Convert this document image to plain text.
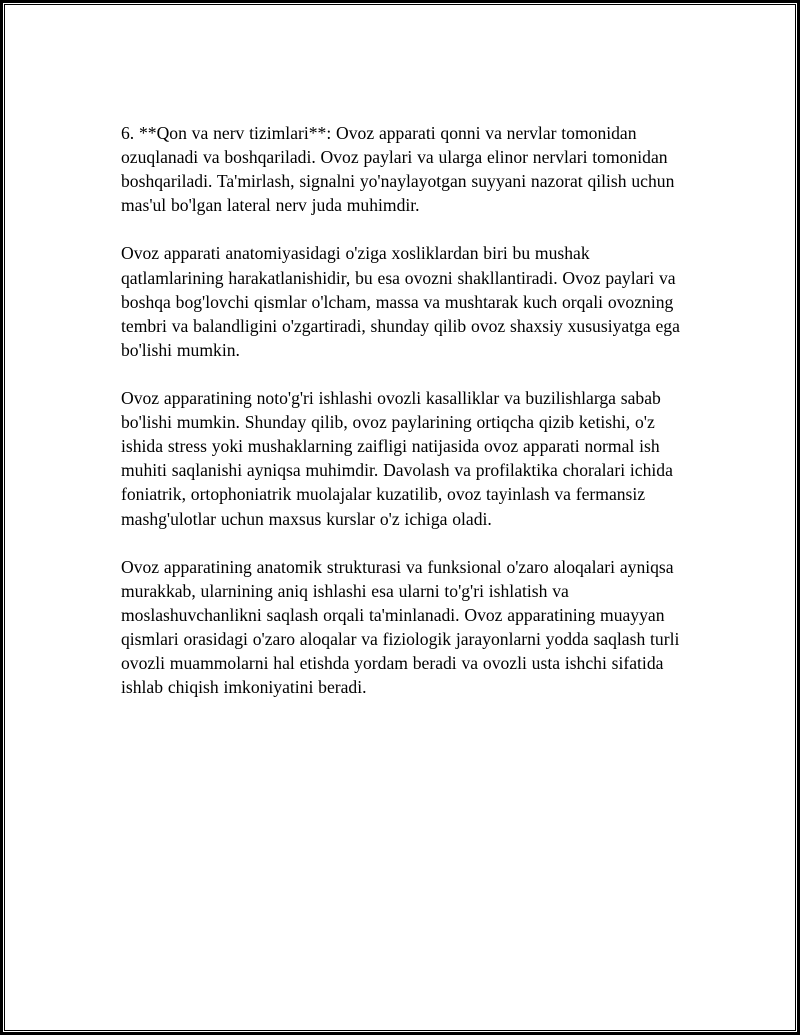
6. **Qon va nerv tizimlari**: Ovoz apparati qonni va nervlar tomonidan ozuqlanadi va boshqariladi. Ovoz paylari va ularga elinor nervlari tomonidan boshqariladi. Ta'mirlash, signalni yo'naylayotgan suyyani nazorat qilish uchun mas'ul bo'lgan lateral nerv juda muhimdir.

Ovoz apparati anatomiyasidagi o'ziga xosliklardan biri bu mushak qatlamlarining harakatlanishidir, bu esa ovozni shakllantiradi. Ovoz paylari va boshqa bog'lovchi qismlar o'lcham, massa va mushtarak kuch orqali ovozning tembri va balandligini o'zgartiradi, shunday qilib ovoz shaxsiy xususiyatga ega bo'lishi mumkin.

Ovoz apparatining noto'g'ri ishlashi ovozli kasalliklar va buzilishlarga sabab bo'lishi mumkin. Shunday qilib, ovoz paylarining ortiqcha qizib ketishi, o'z ishida stress yoki mushaklarning zaifligi natijasida ovoz apparati normal ish muhiti saqlanishi ayniqsa muhimdir. Davolash va profilaktika choralari ichida foniatrik, ortophoniatrik muolajalar kuzatilib, ovoz tayinlash va fermansiz mashg'ulotlar uchun maxsus kurslar o'z ichiga oladi.

Ovoz apparatining anatomik strukturasi va funksional o'zaro aloqalari ayniqsa murakkab, ularnining aniq ishlashi esa ularni to'g'ri ishlatish va moslashuvchanlikni saqlash orqali ta'minlanadi. Ovoz apparatining muayyan qismlari orasidagi o'zaro aloqalar va fiziologik jarayonlarni yodda saqlash turli ovozli muammolarni hal etishda yordam beradi va ovozli usta ishchi sifatida ishlab chiqish imkoniyatini beradi.
